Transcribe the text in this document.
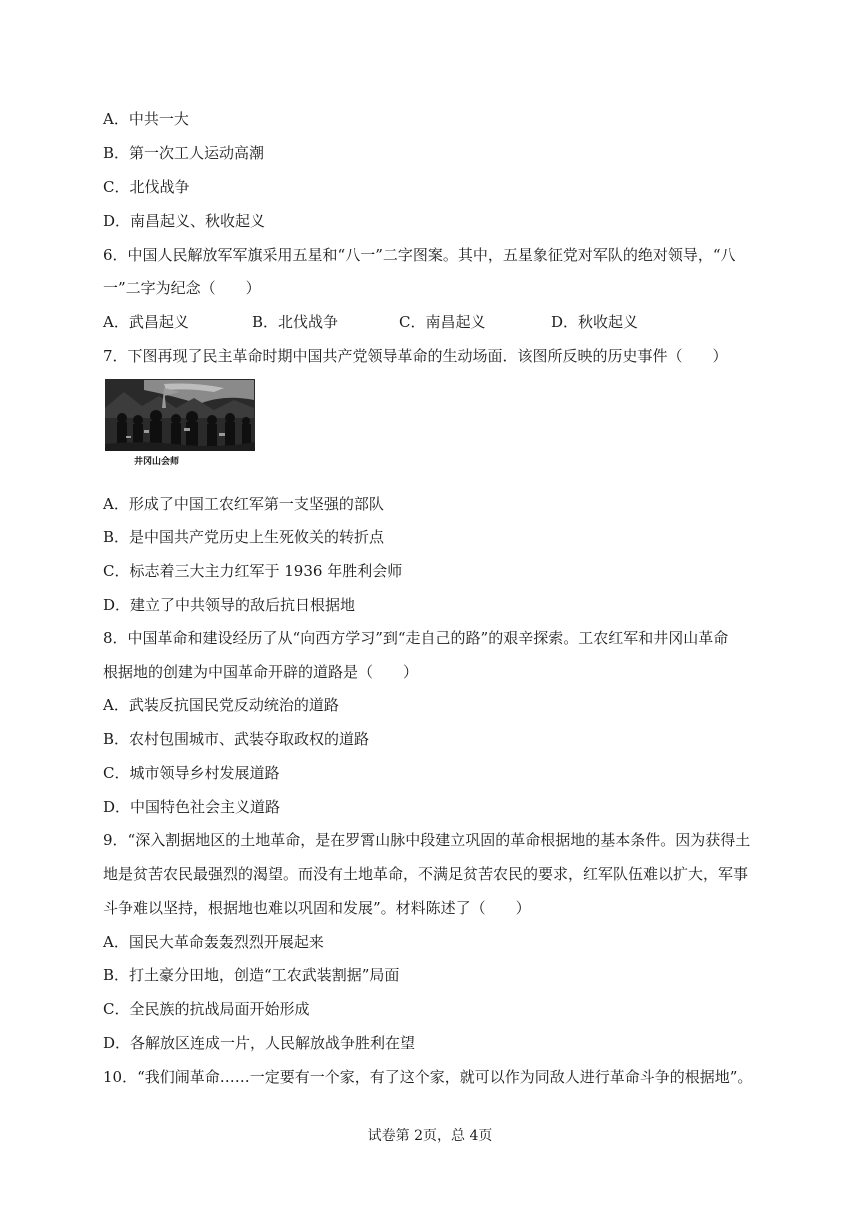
A．中共一大
B．第一次工人运动高潮
C．北伐战争
D．南昌起义、秋收起义
6．中国人民解放军军旗采用五星和“八一”二字图案。其中，五星象征党对军队的绝对领导，“八
一”二字为纪念（　　）
A．武昌起义	B．北伐战争	C．南昌起义	D．秋收起义
7．下图再现了民主革命时期中国共产党领导革命的生动场面．该图所反映的历史事件（　　）
井冈山会师
A．形成了中国工农红军第一支坚强的部队
B．是中国共产党历史上生死攸关的转折点
C．标志着三大主力红军于 1936 年胜利会师
D．建立了中共领导的敌后抗日根据地
8．中国革命和建设经历了从“向西方学习”到“走自己的路”的艰辛探索。工农红军和井冈山革命
根据地的创建为中国革命开辟的道路是（　　）
A．武装反抗国民党反动统治的道路
B．农村包围城市、武装夺取政权的道路
C．城市领导乡村发展道路
D．中国特色社会主义道路
9．“深入割据地区的土地革命，是在罗霄山脉中段建立巩固的革命根据地的基本条件。因为获得土
地是贫苦农民最强烈的渴望。而没有土地革命，不满足贫苦农民的要求，红军队伍难以扩大，军事
斗争难以坚持，根据地也难以巩固和发展”。材料陈述了（　　）
A．国民大革命轰轰烈烈开展起来
B．打土豪分田地，创造“工农武装割据”局面
C．全民族的抗战局面开始形成
D．各解放区连成一片，人民解放战争胜利在望
10．“我们闹革命……一定要有一个家，有了这个家，就可以作为同敌人进行革命斗争的根据地”。
试卷第 2页，总 4页
